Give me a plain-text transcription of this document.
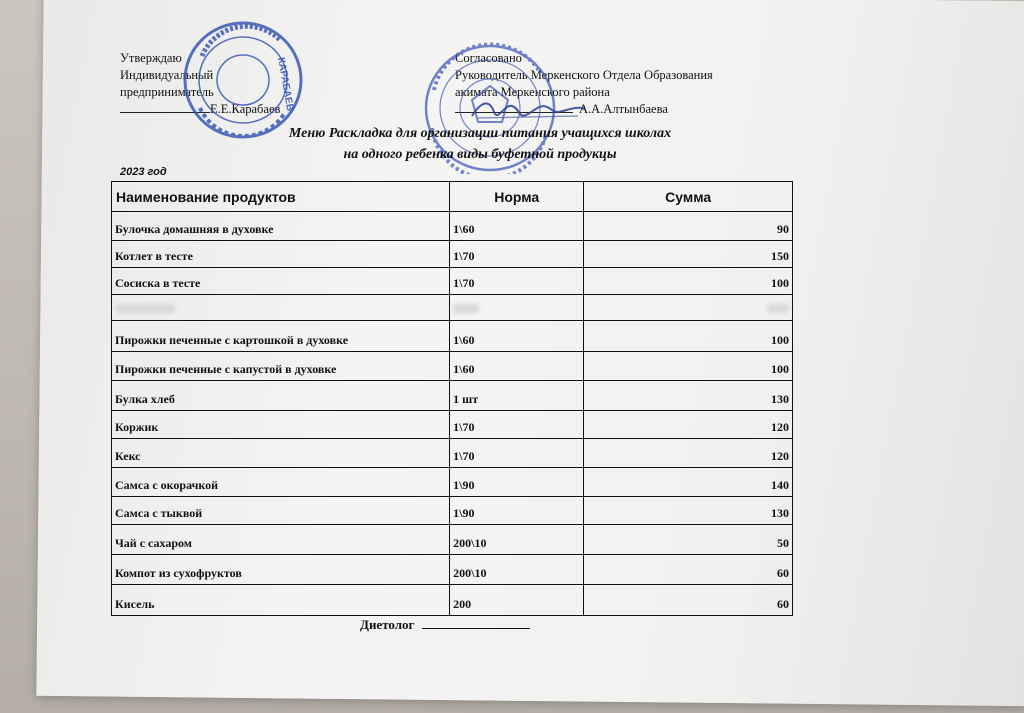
Утверждаю
Индивидуальный
предприниматель
Е.Е.Карабаев
Согласовано
Руководитель Меркенского Отдела Образования
акимата Меркенского района
А.А.Алтынбаева
КАРАБАЕВ
Меню Раскладка для организации питания учащихся школах
на одного ребенка виды буфетной продукцы
2023 год
Наименование продуктов	Норма	Сумма
Булочка домашняя в духовке	1\60	90
Котлет в тесте	1\70	150
Сосиска в тесте	1\70	100

Пирожки печенные с картошкой в духовке	1\60	100
Пирожки печенные с капустой в духовке	1\60	100
Булка хлеб	1 шт	130
Коржик	1\70	120
Кекс	1\70	120
Самса с окорачкой	1\90	140
Самса с тыквой	1\90	130
Чай с сахаром	200\10	50
Компот из сухофруктов	200\10	60
Кисель	200	60
Диетолог
